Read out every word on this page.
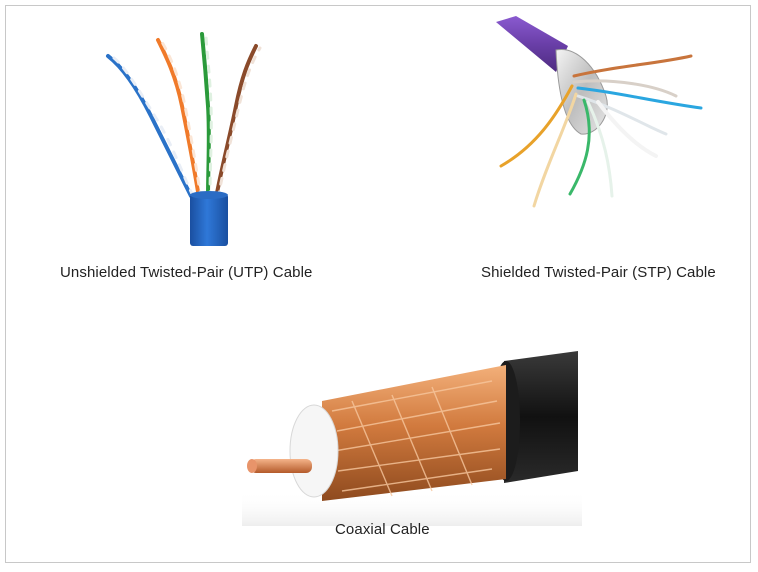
Unshielded Twisted-Pair (UTP) Cable	Shielded Twisted-Pair (STP) Cable
Coaxial Cable
